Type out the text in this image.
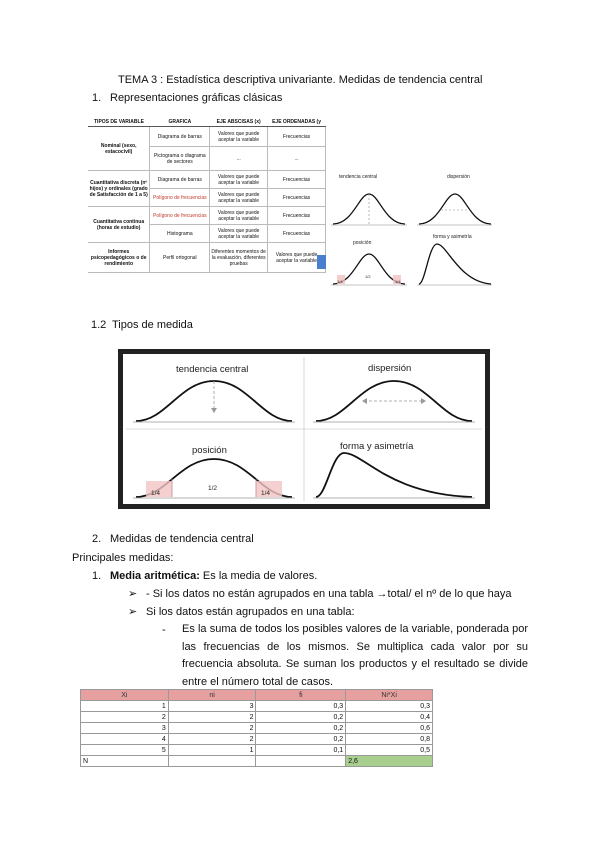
TEMA 3 : Estadística descriptiva univariante. Medidas de tendencia central
1. Representaciones gráficas clásicas
TIPOS DE VARIABLE	GRAFICA	EJE ABSCISAS (x)	EJE ORDENADAS (y
Nominal (sexo, estacocivil)	Diagrama de barras	Valores que puede aceptar la variable	Frecuencias
	Pictograma o diagrama de sectores	...	...
Cuantitativa discreta (nº hijos) y ordinales (grado de Satisfacción de 1 a 5)	Diagrama de barras	Valores que puede aceptar la variable	Frecuencias
	Polígono de frecuencias	Valores que puede aceptar la variable	Frecuencias
Cuantitativa continua (horas de estudio)	Polígono de frecuencias	Valores que puede aceptar la variable	Frecuencias
	Histograma	Valores que puede aceptar la variable	Frecuencias
Informes psicopedagógicos o de rendimiento	Perfil ortogonal	Diferentes momentos de la evaluación, diferentes pruebas	Valores que puede aceptar la variable
tendencia central	dispersión
posición
forma y asimetría
1/4
1/2
1/4
1.2 Tipos de medida
tendencia central	dispersión
posición	forma y asimetría
1/4
1/2
1/4
2. Medidas de tendencia central
Principales medidas:
1. Media aritmética: Es la media de valores.
➢ - Si los datos no están agrupados en una tabla →total/ el nº de lo que haya
➢ Si los datos están agrupados en una tabla:
- Es la suma de todos los posibles valores de la variable, ponderada por las frecuencias de los mismos. Se multiplica cada valor por su frecuencia absoluta. Se suman los productos y el resultado se divide entre el número total de casos.
Xi	ni	fi	Ni*Xi
1	3	0,3	0,3
2	2	0,2	0,4
3	2	0,2	0,6
4	2	0,2	0,8
5	1	0,1	0,5
N			2,6
